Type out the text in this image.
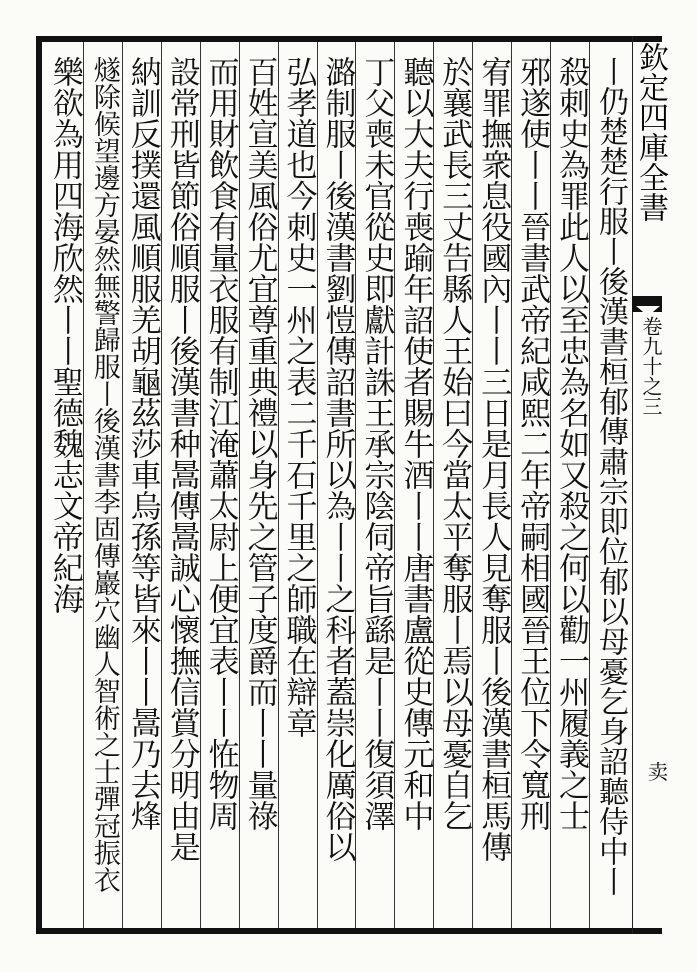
欽定四庫全書
卷九十之三
卖
丨仍楚楚行服丨後漢書桓郁傳肅宗即位郁以母憂乞身詔聽侍中丨
殺刺史為罪此人以至忠為名如又殺之何以勸一州履義之士
邪遂使丨丨晉書武帝紀咸熙二年帝嗣相國晉王位下令寬刑
宥罪撫衆息役國內丨丨三日是月長人見奪服丨後漢書桓馬傳
於襄武長三丈告縣人王始曰今當太平奪服丨焉以母憂自乞
聽以大夫行喪踰年詔使者賜牛酒丨丨唐書盧從史傳元和中
丁父喪未官從史即獻計誅王承宗陰伺帝旨繇是丨丨復須澤
潞制服丨後漢書劉愷傳詔書所以為丨丨之科者蓋崇化厲俗以
弘孝道也今刺史一州之表二千石千里之師職在辯章
百姓宣美風俗尤宜尊重典禮以身先之管子度爵而丨丨量祿
而用財飲食有量衣服有制江淹蕭太尉上便宜表丨丨恠物周
設常刑皆節俗順服丨後漢書种暠傳暠誠心懷撫信賞分明由是
納訓反撲還風順服羌胡龜茲莎車烏孫等皆來丨丨暠乃去烽
燧除候望邊方晏然無警歸服丨後漢書李固傳巖穴幽人智術之士彈冠振衣
樂欲為用四海欣然丨丨聖德魏志文帝紀海
